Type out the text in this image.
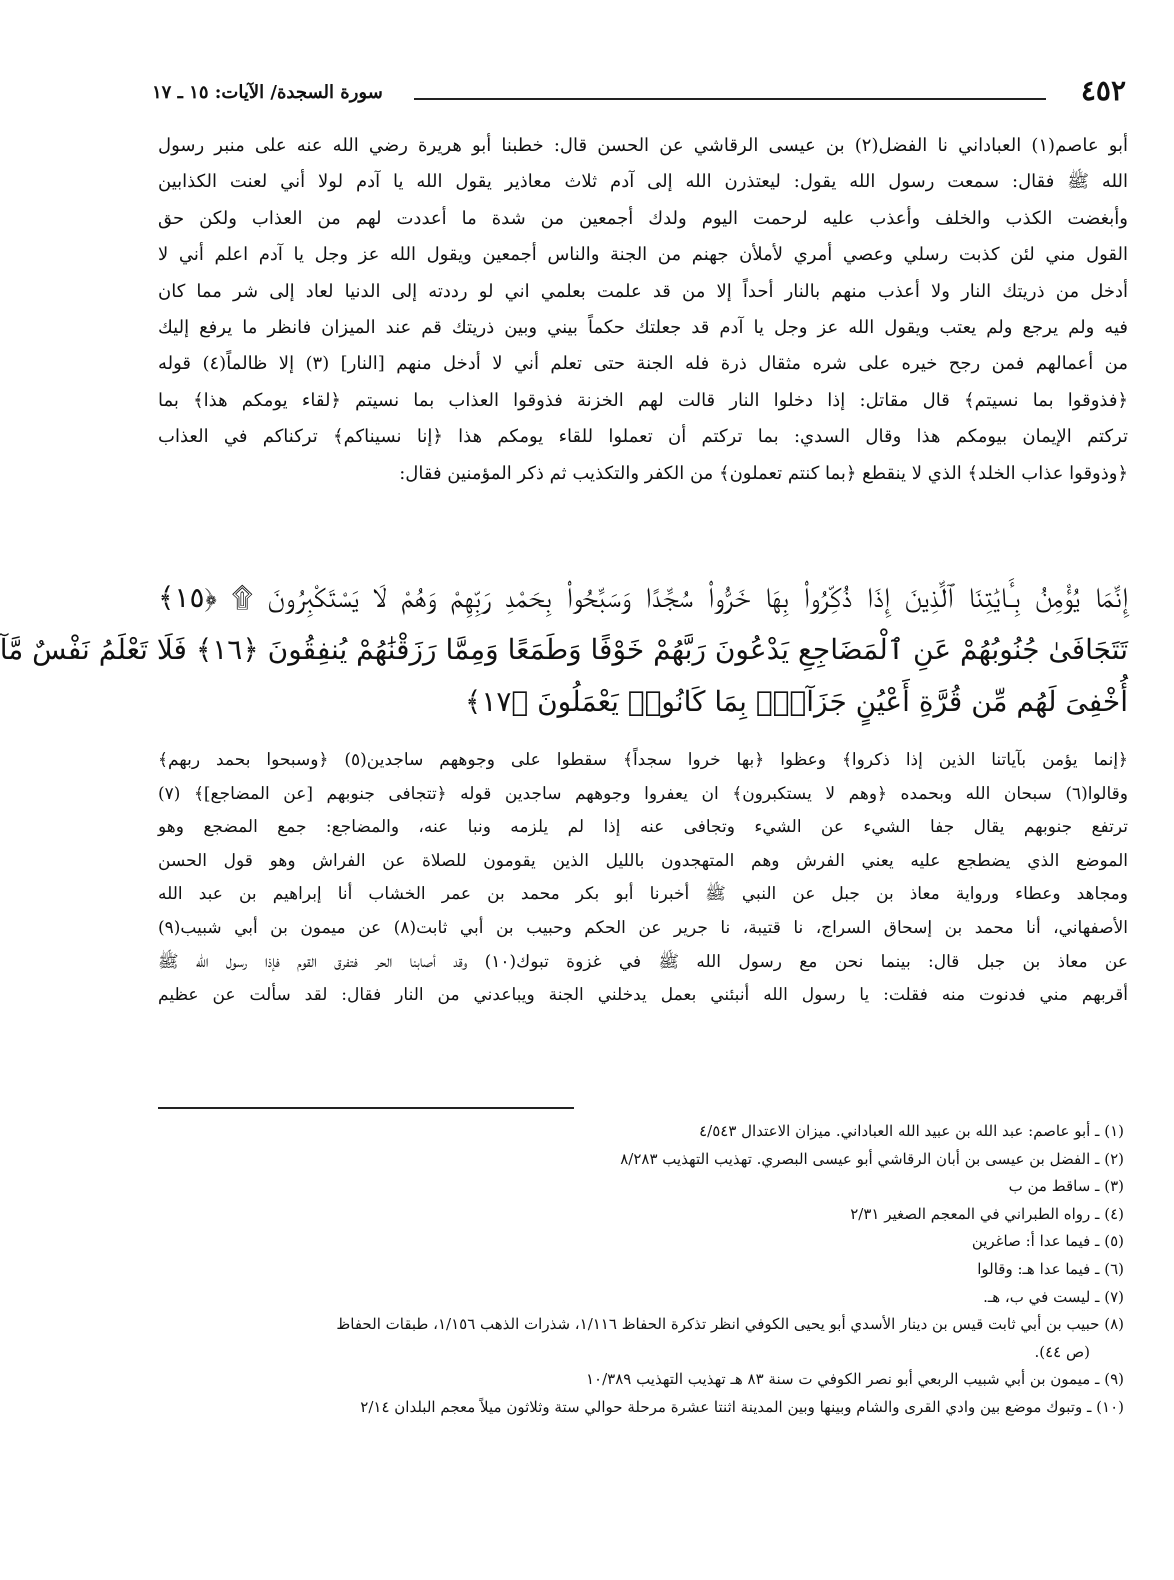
٤٥٢
سورة السجدة/ الآيات: ١٥ ـ ١٧
أبو عاصم(١) العباداني نا الفضل(٢) بن عيسى الرقاشي عن الحسن قال: خطبنا أبو هريرة رضي الله عنه على منبر رسول
الله ﷺ فقال: سمعت رسول الله يقول: ليعتذرن الله إلى آدم ثلاث معاذير يقول الله يا آدم لولا أني لعنت الكذابين
وأبغضت الكذب والخلف وأعذب عليه لرحمت اليوم ولدك أجمعين من شدة ما أعددت لهم من العذاب ولكن حق
القول مني لئن كذبت رسلي وعصي أمري لأملأن جهنم من الجنة والناس أجمعين ويقول الله عز وجل يا آدم اعلم أني لا
أدخل من ذريتك النار ولا أعذب منهم بالنار أحداً إلا من قد علمت بعلمي اني لو رددته إلى الدنيا لعاد إلى شر مما كان
فيه ولم يرجع ولم يعتب ويقول الله عز وجل يا آدم قد جعلتك حكماً بيني وبين ذريتك قم عند الميزان فانظر ما يرفع إليك
من أعمالهم فمن رجح خيره على شره مثقال ذرة فله الجنة حتى تعلم أني لا أدخل منهم [النار] (٣) إلا ظالماً(٤) قوله
﴿فذوقوا بما نسيتم﴾ قال مقاتل: إذا دخلوا النار قالت لهم الخزنة فذوقوا العذاب بما نسيتم ﴿لقاء يومكم هذا﴾ بما
تركتم الإيمان بيومكم هذا وقال السدي: بما تركتم أن تعملوا للقاء يومكم هذا ﴿إنا نسيناكم﴾ تركناكم في العذاب
﴿وذوقوا عذاب الخلد﴾ الذي لا ينقطع ﴿بما كنتم تعملون﴾ من الكفر والتكذيب ثم ذكر المؤمنين فقال:
إِنَّمَا يُؤْمِنُ بِـَٔايَٰتِنَا ٱلَّذِينَ إِذَا ذُكِّرُوا۟ بِهَا خَرُّوا۟ سُجَّدًا وَسَبَّحُوا۟ بِحَمْدِ رَبِّهِمْ وَهُمْ لَا يَسْتَكْبِرُونَ ۩ ﴿١٥﴾
تَتَجَافَىٰ جُنُوبُهُمْ عَنِ ٱلْمَضَاجِعِ يَدْعُونَ رَبَّهُمْ خَوْفًا وَطَمَعًا وَمِمَّا رَزَقْنَٰهُمْ يُنفِقُونَ ﴿١٦﴾ فَلَا تَعْلَمُ نَفْسٌ مَّآ
أُخْفِىَ لَهُم مِّن قُرَّةِ أَعْيُنٍ جَزَآءًۢ بِمَا كَانُوا۟ يَعْمَلُونَ ﴿١٧﴾
﴿إنما يؤمن بآياتنا الذين إذا ذكروا﴾ وعظوا ﴿بها خروا سجداً﴾ سقطوا على وجوههم ساجدين(٥) ﴿وسبحوا بحمد ربهم﴾
وقالوا(٦) سبحان الله وبحمده ﴿وهم لا يستكبرون﴾ ان يعفروا وجوههم ساجدين قوله ﴿تتجافى جنوبهم [عن المضاجع]﴾ (٧)
ترتفع جنوبهم يقال جفا الشيء عن الشيء وتجافى عنه إذا لم يلزمه ونبا عنه، والمضاجع: جمع المضجع وهو
الموضع الذي يضطجع عليه يعني الفرش وهم المتهجدون بالليل الذين يقومون للصلاة عن الفراش وهو قول الحسن
ومجاهد وعطاء ورواية معاذ بن جبل عن النبي ﷺ أخبرنا أبو بكر محمد بن عمر الخشاب أنا إبراهيم بن عبد الله
الأصفهاني، أنا محمد بن إسحاق السراج، نا قتيبة، نا جرير عن الحكم وحبيب بن أبي ثابت(٨) عن ميمون بن أبي شبيب(٩)
عن معاذ بن جبل قال: بينما نحن مع رسول الله ﷺ في غزوة تبوك(١٠) وقد أصابنا الحر فتفرق القوم فإذا رسول الله ﷺ
أقربهم مني فدنوت منه فقلت: يا رسول الله أنبئني بعمل يدخلني الجنة ويباعدني من النار فقال: لقد سألت عن عظيم
(١) ـ أبو عاصم: عبد الله بن عبيد الله العباداني. ميزان الاعتدال ٤/٥٤٣
(٢) ـ الفضل بن عيسى بن أبان الرقاشي أبو عيسى البصري. تهذيب التهذيب ٨/٢٨٣
(٣) ـ ساقط من ب
(٤) ـ رواه الطبراني في المعجم الصغير ٢/٣١
(٥) ـ فيما عدا أ: صاغرين
(٦) ـ فيما عدا هـ: وقالوا
(٧) ـ ليست في ب، هـ.
(٨) حبيب بن أبي ثابت قيس بن دينار الأسدي أبو يحيى الكوفي انظر تذكرة الحفاظ ١/١١٦، شذرات الذهب ١/١٥٦، طبقات الحفاظ
(ص ٤٤).
(٩) ـ ميمون بن أبي شبيب الربعي أبو نصر الكوفي ت سنة ٨٣ هـ تهذيب التهذيب ١٠/٣٨٩
(١٠) ـ وتبوك موضع بين وادي القرى والشام وبينها وبين المدينة اثنتا عشرة مرحلة حوالي ستة وثلاثون ميلاً معجم البلدان ٢/١٤
